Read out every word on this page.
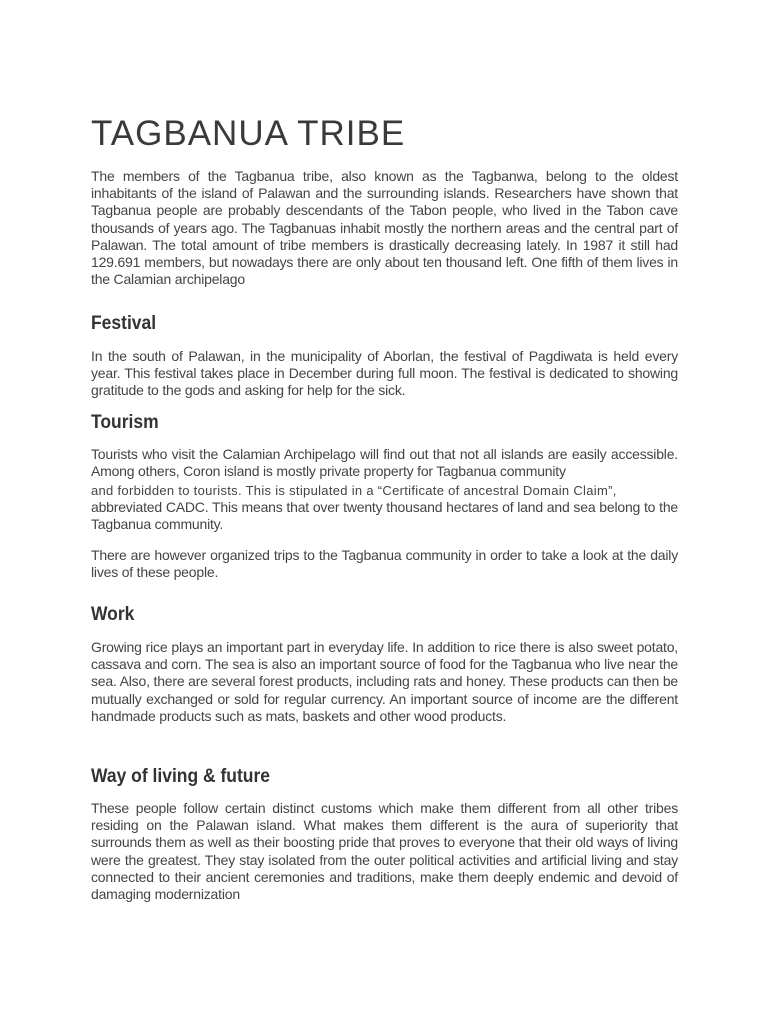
TAGBANUA TRIBE

The members of the Tagbanua tribe, also known as the Tagbanwa, belong to the oldest inhabitants of the island of Palawan and the surrounding islands. Researchers have shown that Tagbanua people are probably descendants of the Tabon people, who lived in the Tabon cave thousands of years ago. The Tagbanuas inhabit mostly the northern areas and the central part of Palawan. The total amount of tribe members is drastically decreasing lately. In 1987 it still had 129.691 members, but nowadays there are only about ten thousand left. One fifth of them lives in the Calamian archipelago

Festival

In the south of Palawan, in the municipality of Aborlan, the festival of Pagdiwata is held every year. This festival takes place in December during full moon. The festival is dedicated to showing gratitude to the gods and asking for help for the sick.

Tourism

Tourists who visit the Calamian Archipelago will find out that not all islands are easily accessible. Among others, Coron island is mostly private property for Tagbanua community

and forbidden to tourists. This is stipulated in a “Certificate of ancestral Domain Claim”,

abbreviated CADC. This means that over twenty thousand hectares of land and sea belong to the Tagbanua community.

There are however organized trips to the Tagbanua community in order to take a look at the daily lives of these people.

Work

Growing rice plays an important part in everyday life. In addition to rice there is also sweet potato, cassava and corn. The sea is also an important source of food for the Tagbanua who live near the sea. Also, there are several forest products, including rats and honey. These products can then be mutually exchanged or sold for regular currency. An important source of income are the different handmade products such as mats, baskets and other wood products.

Way of living & future

These people follow certain distinct customs which make them different from all other tribes residing on the Palawan island. What makes them different is the aura of superiority that surrounds them as well as their boosting pride that proves to everyone that their old ways of living were the greatest. They stay isolated from the outer political activities and artificial living and stay connected to their ancient ceremonies and traditions, make them deeply endemic and devoid of damaging modernization
